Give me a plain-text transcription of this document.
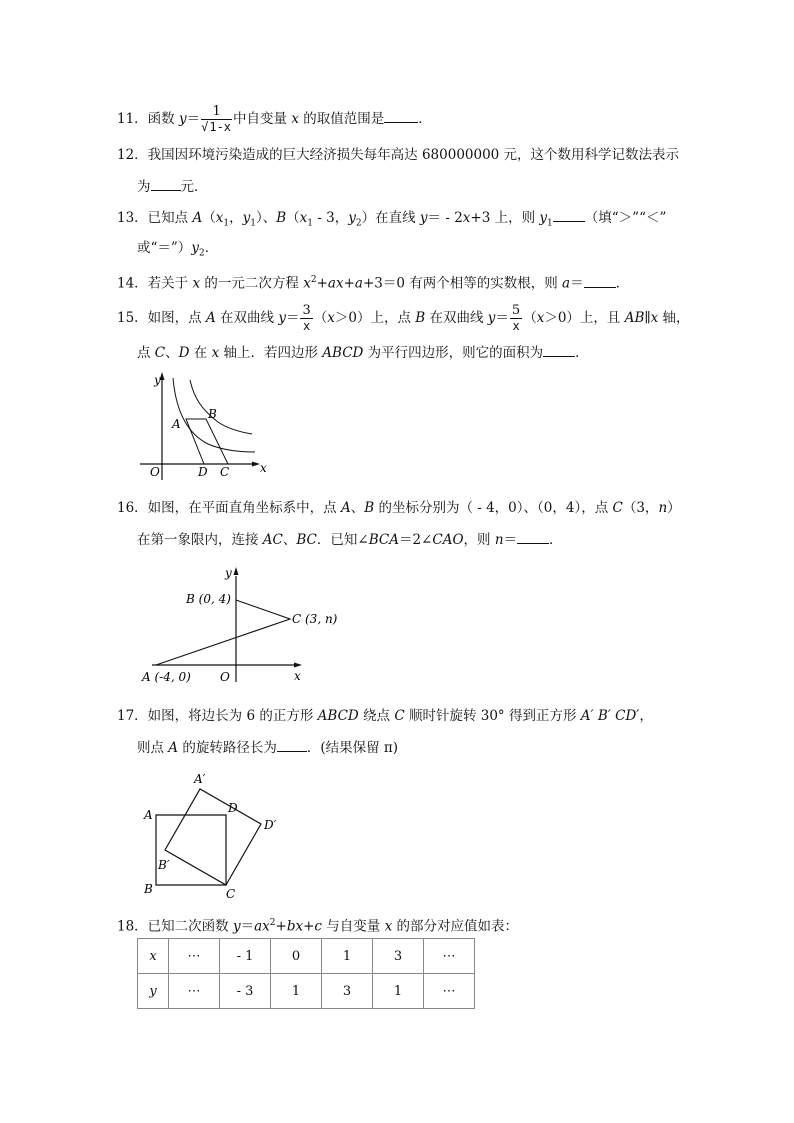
11．函数 $y= \frac{1}{√1-x}$ 中自变量 x 的取值范围是	．
12．我国因环境污染造成的巨大经济损失每年高达 680000000 元，这个数用科学记数法表示
为 元．
13．已知点 $A(x_1$，$y_1$）、$B(x_1 - 3$，$y_2$）在直线 y＝ - 2x+3 上，则 $y_1$ （填“＞”“＜”
或“$=”)y_2$．
14．若关于 x 的一元二次方程 $x^2+ax+a+3=0$ 有两个相等的实数根，则 a＝ ．
15．如图，点 A 在双曲线 $y= \frac{3}{x} (x>0)$上，点 B 在双曲线 $y= \frac{5}{x} (x>0)$上，且 AB∥x 轴，
点 C、D 在 x 轴上．若四边形 ABCD 为平行四边形，则它的面积为 ．
y
x
O
A
B
D C
16．如图，在平面直角坐标系中，点 A、B 的坐标分别为（ - 4，0）、（0，4），点 C（3，n）
在第一象限内，连接 AC、BC．已知∠BCA＝2∠CAO，则 n＝ ．
y
x
O
B (0, 4)
C (3, n)
A (-4, 0)
17．如图，将边长为 6 的正方形 ABCD 绕点 C 顺时针旋转 30° 得到正方形 A′ B′ CD′，
则点 A 的旋转路径长为 ．(结果保留 π)
A′
A	D
D′
B′
B	C
18．已知二次函数 $y=ax^2+bx+c$ 与自变量 x 的部分对应值如表：
x	⋯	- 1	0	1	3	⋯
y	⋯	- 3	1	3	1	⋯
